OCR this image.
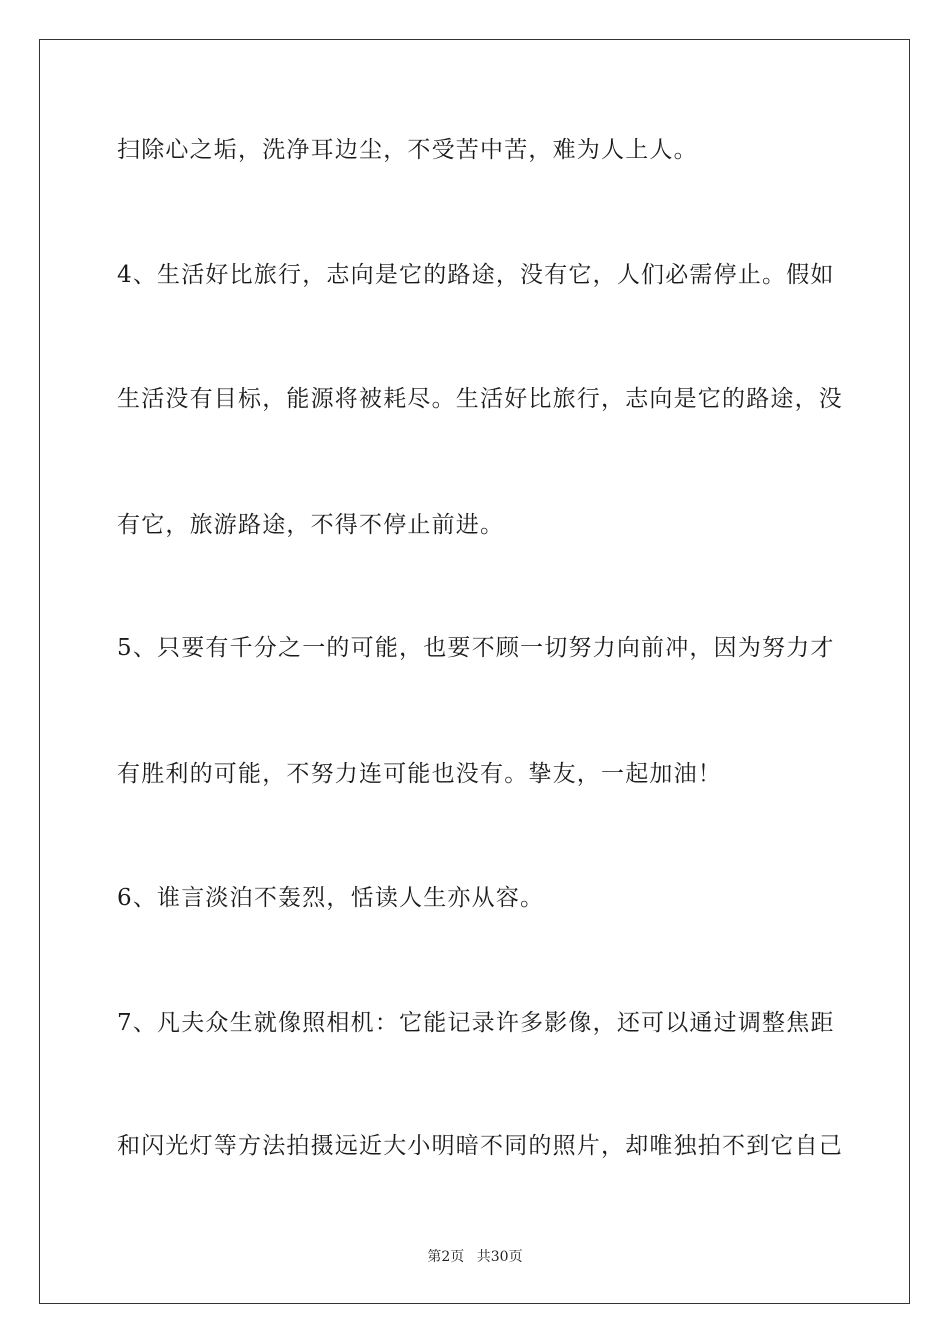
扫除心之垢，洗净耳边尘，不受苦中苦，难为人上人。
4、生活好比旅行，志向是它的路途，没有它，人们必需停止。假如
生活没有目标，能源将被耗尽。生活好比旅行，志向是它的路途，没
有它，旅游路途，不得不停止前进。
5、只要有千分之一的可能，也要不顾一切努力向前冲，因为努力才
有胜利的可能，不努力连可能也没有。挚友，一起加油！
6、谁言淡泊不轰烈，恬读人生亦从容。
7、凡夫众生就像照相机：它能记录许多影像，还可以通过调整焦距
和闪光灯等方法拍摄远近大小明暗不同的照片，却唯独拍不到它自己
第2页 共30页
